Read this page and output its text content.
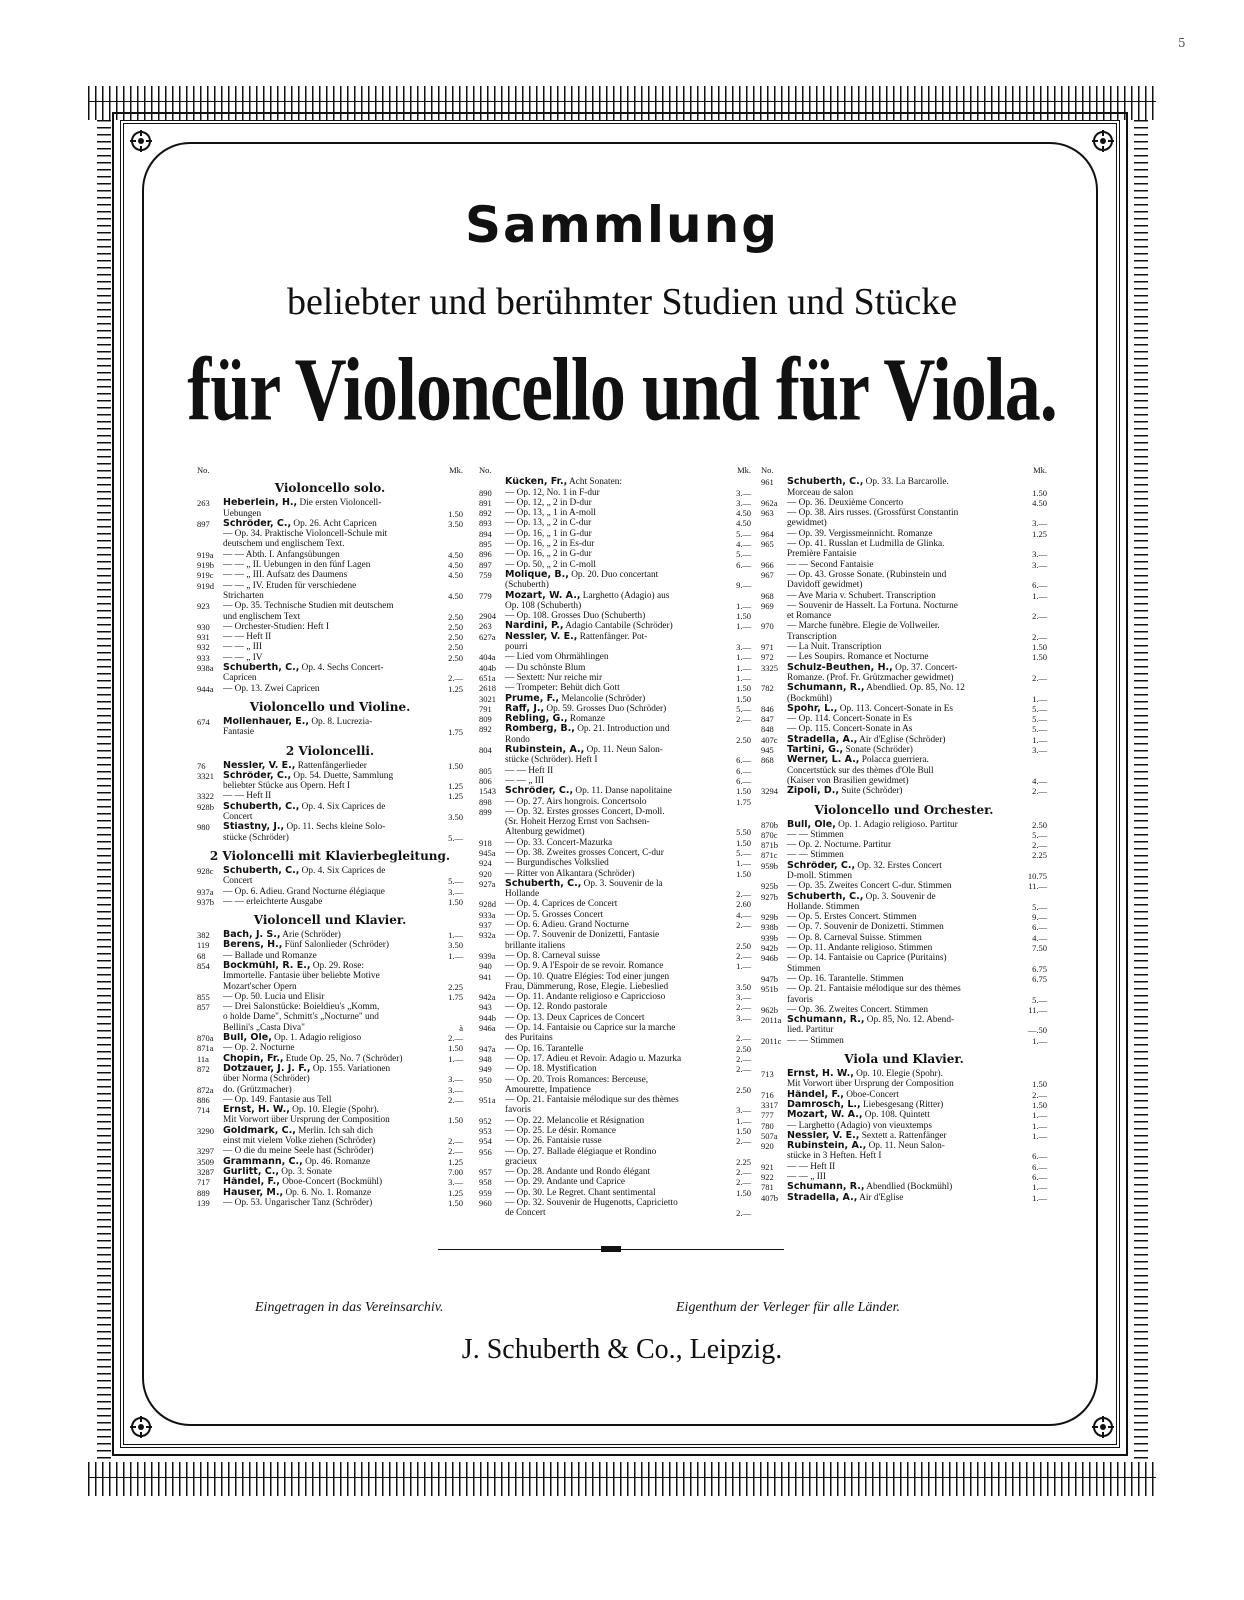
5
Sammlung
beliebter und berühmter Studien und Stücke
für Violoncello und für Viola.
No.	Mk.
Violoncello solo.
263	Heberlein, H., Die ersten Violoncell-
Uebungen	1.50
897	Schröder, C., Op. 26. Acht Capricen	3.50
— Op. 34. Praktische Violoncell-Schule mit
deutschem und englischem Text.
919a	— — Abth. I. Anfangsübungen	4.50
919b — — „ II. Uebungen in den fünf Lagen	4.50
919c	— — „ III. Aufsatz des Daumens	4.50
919d — — „ IV. Etuden für verschiedene
Stricharten	4.50
923	— Op. 35. Technische Studien mit deutschem
und englischem Text	2.50
930	— Orchester-Studien: Heft I	2.50
931	— — Heft II	2.50
932	— — „ III	2.50
933	— — „ IV	2.50
938a Schuberth, C., Op. 4. Sechs Concert-
Capricen	2.—
944a	— Op. 13. Zwei Capricen	1.25
Violoncello und Violine.
674	Mollenhauer, E., Op. 8. Lucrezia-
Fantasie	1.75
2 Violoncelli.
76	Nessler, V. E., Rattenfängerlieder	1.50
3321 Schröder, C., Op. 54. Duette, Sammlung
beliebter Stücke aus Opern. Heft I	1.25
3322 — — Heft II	1.25
928b Schuberth, C., Op. 4. Six Caprices de
Concert	3.50
980	Stiastny, J., Op. 11. Sechs kleine Solo-
stücke (Schröder)	5.—
2 Violoncelli mit Klavierbegleitung.
928c Schuberth, C., Op. 4. Six Caprices de
Concert	5.—
937a	— Op. 6. Adieu. Grand Nocturne élégiaque	3.—
937b — — erleichterte Ausgabe	1.50
Violoncell und Klavier.
382	Bach, J. S., Arie (Schröder)	1.—
119	Berens, H., Fünf Salonlieder (Schröder)	3.50
68	— Ballade und Romanze	1.—
854	Bockmühl, R. E., Op. 29. Rose:
Immortelle. Fantasie über beliebte Motive
Mozart'scher Opern	2.25
855	— Op. 50. Lucia und Elisir	1.75
857	— Drei Salonstücke: Boieldieu's „Komm,
o holde Dame", Schmitt's „Nocturne" und
Bellini's „Casta Diva"	à
870a Bull, Ole, Op. 1. Adagio religioso	2.—
871a	— Op. 2. Nocturne	1.50
11a	Chopin, Fr., Etude Op. 25, No. 7 (Schröder)	1.—
872	Dotzauer, J. J. F., Op. 155. Variationen
über Norma (Schröder)	3.—
872a	do. (Grützmacher)	3.—
886	— Op. 149. Fantasie aus Tell	2.—
714	Ernst, H. W., Op. 10. Elegie (Spohr).
Mit Vorwort über Ursprung der Composition	1.50
3290 Goldmark, C., Merlin. Ich sah dich
einst mit vielem Volke ziehen (Schröder)	2.—
3297 — O die du meine Seele hast (Schröder)	2.—
3509 Grammann, C., Op. 46. Romanze	1.25
3287 Gurlitt, C., Op. 3. Sonate	7.00
717	Händel, F., Oboe-Concert (Bockmühl)	3.—
889	Hauser, M., Op. 6. No. 1. Romanze	1.25
139	— Op. 53. Ungarischer Tanz (Schröder)	1.50
No.	Mk.
Kücken, Fr., Acht Sonaten:
890	— Op. 12, No. 1 in F-dur	3.—
891	— Op. 12, „ 2 in D-dur	3.—
892	— Op. 13, „ 1 in A-moll	4.50
893	— Op. 13, „ 2 in C-dur	4.50
894	— Op. 16, „ 1 in G-dur	5.—
895	— Op. 16, „ 2 in Es-dur	4.—
896	— Op. 16, „ 2 in G-dur	5.—
897	— Op. 50, „ 2 in C-moll	6.—
759	Molique, B., Op. 20. Duo concertant
(Schuberth)	9.—
779	Mozart, W. A., Larghetto (Adagio) aus
Op. 108 (Schuberth)	1.—
2904 — Op. 108. Grosses Duo (Schuberth)	1.50
263	Nardini, P., Adagio Cantabile (Schröder)	1.—
627a Nessler, V. E., Rattenfänger. Pot-
pourri	3.—
404a	— Lied vom Ohrmählingen	1.—
404b — Du schönste Blum	1.—
651a	— Sextett: Nur reiche mir	1.—
2618 — Trompeter: Behüt dich Gott	1.50
3021 Prume, F., Melancolie (Schröder)	1.50
791	Raff, J., Op. 59. Grosses Duo (Schröder)	5.—
809	Rebling, G., Romanze	2.—
892	Romberg, B., Op. 21. Introduction und
Rondo	2.50
804	Rubinstein, A., Op. 11. Neun Salon-
stücke (Schröder). Heft I	6.—
805	— — Heft II	6.—
806	— — „ III	6.—
1543 Schröder, C., Op. 11. Danse napolitaine	1.50
898	— Op. 27. Airs hongrois. Concertsolo	1.75
899	— Op. 32. Erstes grosses Concert, D-moll.
(Sr. Hoheit Herzog Ernst von Sachsen-
Altenburg gewidmet)	5.50
918	— Op. 33. Concert-Mazurka	1.50
945a	— Op. 38. Zweites grosses Concert, C-dur	5.—
924	— Burgundisches Volkslied	1.—
920	— Ritter von Alkantara (Schröder)	1.50
927a Schuberth, C., Op. 3. Souvenir de la
Hollande	2.—
928d — Op. 4. Caprices de Concert	2.60
933a	— Op. 5. Grosses Concert	4.—
937	— Op. 6. Adieu. Grand Nocturne	2.—
932a	— Op. 7. Souvenir de Donizetti, Fantasie
brillante italiens	2.50
939a	— Op. 8. Carneval suisse	2.—
940	— Op. 9. A l'Espoir de se revoir. Romance	1.—
941	— Op. 10. Quatre Elégies: Tod einer jungen
Frau, Dämmerung, Rose, Elegie. Liebeslied	3.50
942a	— Op. 11. Andante religioso e Capriccioso	3.—
943	— Op. 12. Rondo pastorale	2.—
944b — Op. 13. Deux Caprices de Concert	3.—
946a	— Op. 14. Fantaisie ou Caprice sur la marche
des Puritains	2.—
947a	— Op. 16. Tarantelle	2.50
948	— Op. 17. Adieu et Revoir. Adagio u. Mazurka	2.—
949	— Op. 18. Mystification	2.—
950	— Op. 20. Trois Romances: Berceuse,
Amourette, Impatience	2.50
951a	— Op. 21. Fantaisie mélodique sur des thèmes
favoris	3.—
952	— Op. 22. Melancolie et Résignation	1.—
953	— Op. 25. Le désir. Romance	1.50
954	— Op. 26. Fantaisie russe	2.—
956	— Op. 27. Ballade élégiaque et Rondino
gracieux	2.25
957	— Op. 28. Andante und Rondo élégant	2.—
958	— Op. 29. Andante und Caprice	2.—
959	— Op. 30. Le Regret. Chant sentimental	1.50
960	— Op. 32. Souvenir de Hugenotts, Capricietto
de Concert	2.—
No.	Mk.
961	Schuberth, C., Op. 33. La Barcarolle.
Morceau de salon	1.50
962a	— Op. 36. Deuxième Concerto	4.50
963	— Op. 38. Airs russes. (Grossfürst Constantin
gewidmet)	3.—
964	— Op. 39. Vergissmeinnicht. Romanze	1.25
965	— Op. 41. Russlan et Ludmilla de Glinka.
Première Fantaisie	3.—
966	— — Second Fantaisie	3.—
967	— Op. 43. Grosse Sonate. (Rubinstein und
Davidoff gewidmet)	6.—
968	— Ave Maria v. Schubert. Transcription	1.—
969	— Souvenir de Hasselt. La Fortuna. Nocturne
et Romance	2.—
970	— Marche funèbre. Elegie de Vollweiler.
Transcription	2.—
971	— La Nuit. Transcription	1.50
972	— Les Soupirs. Romance et Nocturne	1.50
3325 Schulz-Beuthen, H., Op. 37. Concert-
Romanze. (Prof. Fr. Grützmacher gewidmet)	2.—
782	Schumann, R., Abendlied. Op. 85, No. 12
(Bockmühl)	1.—
846	Spohr, L., Op. 113. Concert-Sonate in Es	5.—
847	— Op. 114. Concert-Sonate in Es	5.—
848	— Op. 115. Concert-Sonate in As	5.—
407c Stradella, A., Air d'Eglise (Schröder)	1.—
945	Tartini, G., Sonate (Schröder)	3.—
868	Werner, L. A., Polacca guerriera.
Concertstück sur des thèmes d'Ole Bull
(Kaiser von Brasilien gewidmet)	4.—
3294 Zipoli, D., Suite (Schröder)	2.—
Violoncello und Orchester.
870b Bull, Ole, Op. 1. Adagio religioso. Partitur	2.50
870c	— — Stimmen	5.—
871b — Op. 2. Nocturne. Partitur	2.—
871c	— — Stimmen	2.25
959b Schröder, C., Op. 32. Erstes Concert
D-moll. Stimmen	10.75
925b — Op. 35. Zweites Concert C-dur. Stimmen	11.—
927b Schuberth, C., Op. 3. Souvenir de
Hollande. Stimmen	5.—
929b — Op. 5. Erstes Concert. Stimmen	9.—
938b — Op. 7. Souvenir de Donizetti. Stimmen	6.—
939b — Op. 8. Carneval Suisse. Stimmen	4.—
942b — Op. 11. Andante religioso. Stimmen	7.50
946b — Op. 14. Fantaisie ou Caprice (Puritains)
Stimmen	6.75
947b — Op. 16. Tarantelle. Stimmen	6.75
951b — Op. 21. Fantaisie mélodique sur des thèmes
favoris	5.—
962b — Op. 36. Zweites Concert. Stimmen	11.—
2011a Schumann, R., Op. 85, No. 12. Abend-
lied. Partitur	—.50
2011c — — Stimmen	1.—
Viola und Klavier.
713	Ernst, H. W., Op. 10. Elegie (Spohr).
Mit Vorwort über Ursprung der Composition	1.50
716	Händel, F., Oboe-Concert	2.—
3317 Damrosch, L., Liebesgesang (Ritter)	1.50
777	Mozart, W. A., Op. 108. Quintett	1.—
780	— Larghetto (Adagio) von vieuxtemps	1.—
507a Nessler, V. E., Sextett a. Rattenfänger	1.—
920	Rubinstein, A., Op. 11. Neun Salon-
stücke in 3 Heften. Heft I	6.—
921	— — Heft II	6.—
922	— — „ III	6.—
781	Schumann, R., Abendlied (Bockmühl)	1.—
407b Stradella, A., Air d'Eglise	1.—
Eingetragen in das Vereinsarchiv.	Eigenthum der Verleger für alle Länder.
J. Schuberth & Co., Leipzig.
